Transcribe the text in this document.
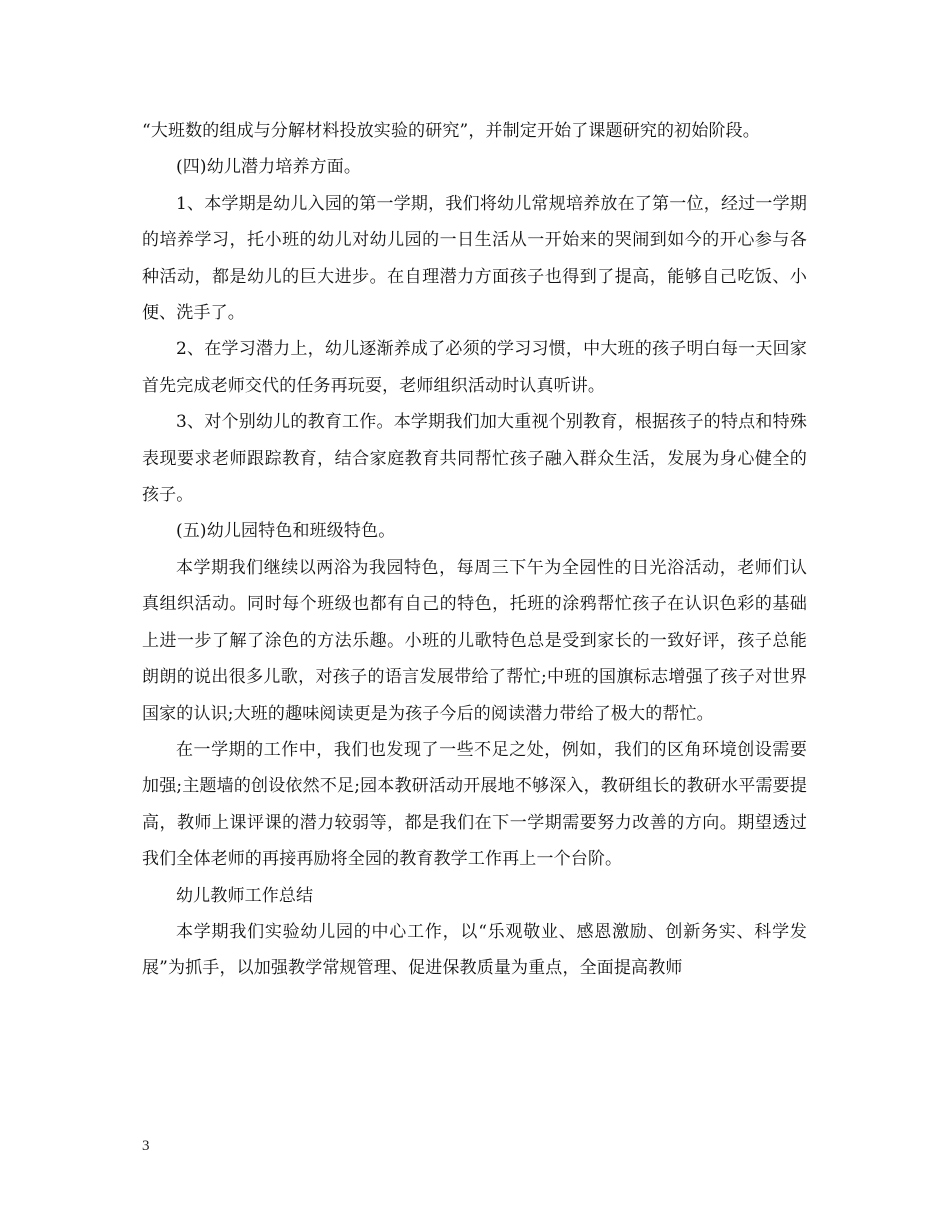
“大班数的组成与分解材料投放实验的研究”，并制定开始了课题研究的初始阶段。

(四)幼儿潜力培养方面。

1、本学期是幼儿入园的第一学期，我们将幼儿常规培养放在了第一位，经过一学期的培养学习，托小班的幼儿对幼儿园的一日生活从一开始来的哭闹到如今的开心参与各种活动，都是幼儿的巨大进步。在自理潜力方面孩子也得到了提高，能够自己吃饭、小便、洗手了。

2、在学习潜力上，幼儿逐渐养成了必须的学习习惯，中大班的孩子明白每一天回家首先完成老师交代的任务再玩耍，老师组织活动时认真听讲。

3、对个别幼儿的教育工作。本学期我们加大重视个别教育，根据孩子的特点和特殊表现要求老师跟踪教育，结合家庭教育共同帮忙孩子融入群众生活，发展为身心健全的孩子。

(五)幼儿园特色和班级特色。

本学期我们继续以两浴为我园特色，每周三下午为全园性的日光浴活动，老师们认真组织活动。同时每个班级也都有自己的特色，托班的涂鸦帮忙孩子在认识色彩的基础上进一步了解了涂色的方法乐趣。小班的儿歌特色总是受到家长的一致好评，孩子总能朗朗的说出很多儿歌，对孩子的语言发展带给了帮忙;中班的国旗标志增强了孩子对世界国家的认识;大班的趣味阅读更是为孩子今后的阅读潜力带给了极大的帮忙。

在一学期的工作中，我们也发现了一些不足之处，例如，我们的区角环境创设需要加强;主题墙的创设依然不足;园本教研活动开展地不够深入，教研组长的教研水平需要提高，教师上课评课的潜力较弱等，都是我们在下一学期需要努力改善的方向。期望透过我们全体老师的再接再励将全园的教育教学工作再上一个台阶。

幼儿教师工作总结

本学期我们实验幼儿园的中心工作，以“乐观敬业、感恩激励、创新务实、科学发展”为抓手，以加强教学常规管理、促进保教质量为重点，全面提高教师

3
